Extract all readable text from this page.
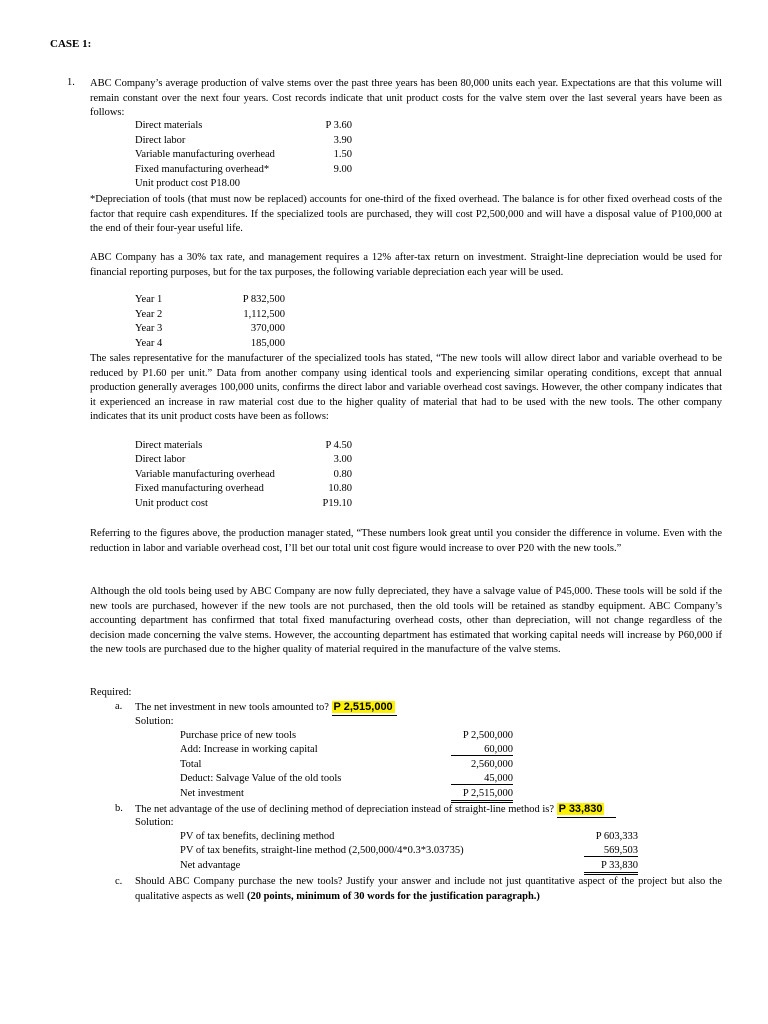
CASE 1:
1. ABC Company’s average production of valve stems over the past three years has been 80,000 units each year. Expectations are that this volume will remain constant over the next four years. Cost records indicate that unit product costs for the valve stem over the last several years have been as follows:
Direct materials	P 3.60
Direct labor	3.90
Variable manufacturing overhead	1.50
Fixed manufacturing overhead*	9.00
Unit product cost P18.00
*Depreciation of tools (that must now be replaced) accounts for one-third of the fixed overhead. The balance is for other fixed overhead costs of the factor that require cash expenditures. If the specialized tools are purchased, they will cost P2,500,000 and will have a disposal value of P100,000 at the end of their four-year useful life.
ABC Company has a 30% tax rate, and management requires a 12% after-tax return on investment. Straight-line depreciation would be used for financial reporting purposes, but for the tax purposes, the following variable depreciation each year will be used.
Year 1	P 832,500
Year 2	1,112,500
Year 3	370,000
Year 4	185,000
The sales representative for the manufacturer of the specialized tools has stated, “The new tools will allow direct labor and variable overhead to be reduced by P1.60 per unit.” Data from another company using identical tools and experiencing similar operating conditions, except that annual production generally averages 100,000 units, confirms the direct labor and variable overhead cost savings. However, the other company indicates that it experienced an increase in raw material cost due to the higher quality of material that had to be used with the new tools. The other company indicates that its unit product costs have been as follows:
Direct materials	P 4.50
Direct labor	3.00
Variable manufacturing overhead	0.80
Fixed manufacturing overhead	10.80
Unit product cost	P19.10
Referring to the figures above, the production manager stated, “These numbers look great until you consider the difference in volume. Even with the reduction in labor and variable overhead cost, I’ll bet our total unit cost figure would increase to over P20 with the new tools.”
Although the old tools being used by ABC Company are now fully depreciated, they have a salvage value of P45,000. These tools will be sold if the new tools are purchased, however if the new tools are not purchased, then the old tools will be retained as standby equipment. ABC Company’s accounting department has confirmed that total fixed manufacturing overhead costs, other than depreciation, will not change regardless of the decision made concerning the valve stems. However, the accounting department has estimated that working capital needs will increase by P60,000 if the new tools are purchased due to the higher quality of material required in the manufacture of the valve stems.
Required:
a. The net investment in new tools amounted to? P 2,515,000
Solution:
Purchase price of new tools	P 2,500,000
Add: Increase in working capital	60,000
Total	2,560,000
Deduct: Salvage Value of the old tools	45,000
Net investment	P 2,515,000
b. The net advantage of the use of declining method of depreciation instead of straight-line method is? P 33,830
Solution:
PV of tax benefits, declining method	P 603,333
PV of tax benefits, straight-line method (2,500,000/4*0.3*3.03735)	569,503
Net advantage	P 33,830
c. Should ABC Company purchase the new tools? Justify your answer and include not just quantitative aspect of the project but also the qualitative aspects as well (20 points, minimum of 30 words for the justification paragraph.)
